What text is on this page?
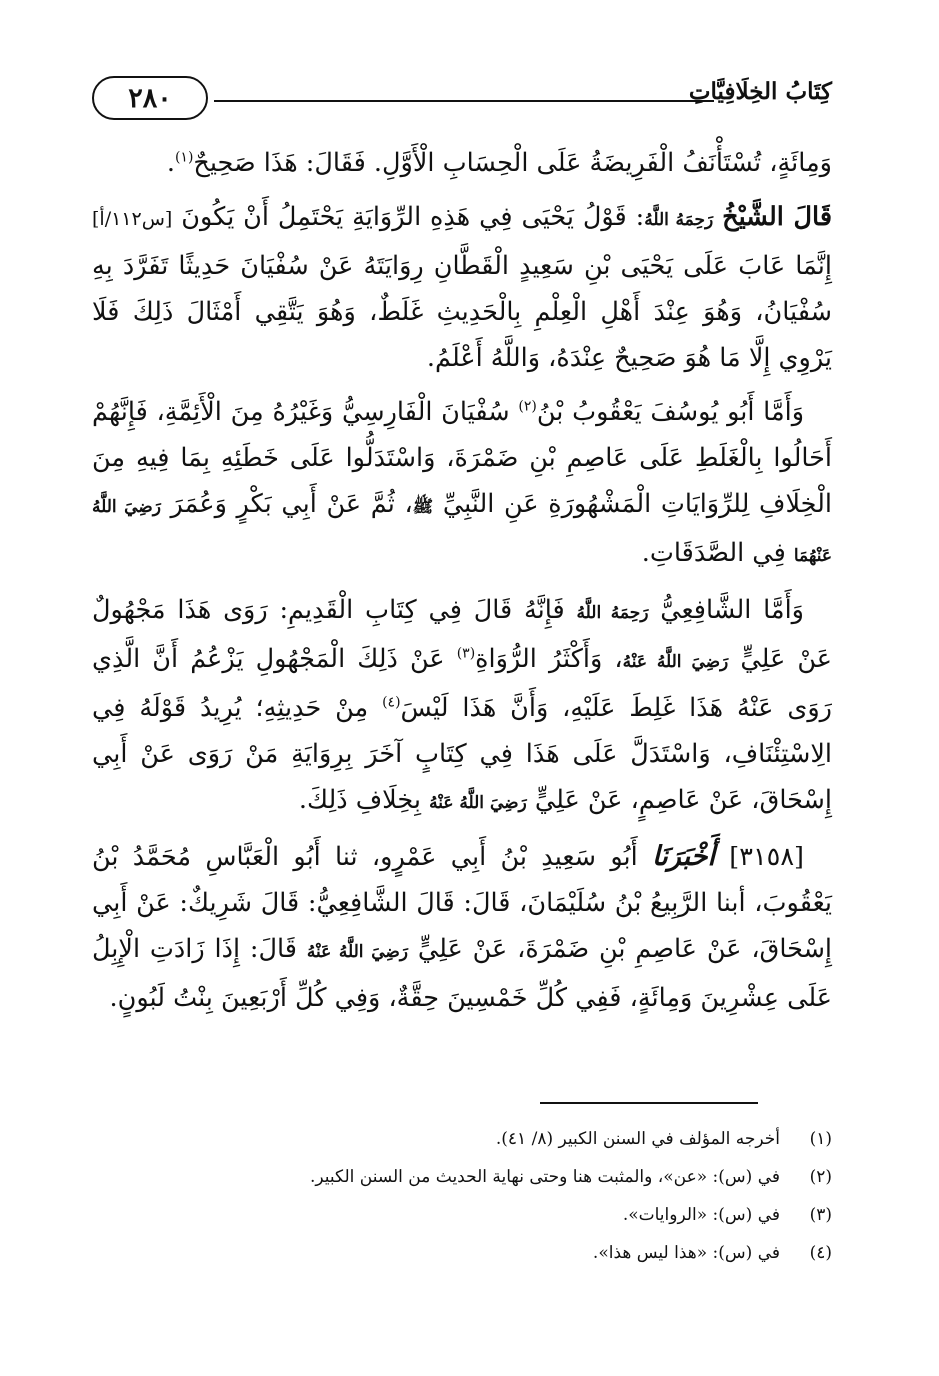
كِتَابُ الخِلَافِيَّاتِ
٢٨٠

وَمِائَةٍ، تُسْتَأْنَفُ الْفَرِيضَةُ عَلَى الْحِسَابِ الْأَوَّلِ. فَقَالَ: هَذَا صَحِيحٌ$^{(١)}$.

قَالَ الشَّيْخُ رَحِمَهُ اللَّهُ: قَوْلُ يَحْيَى فِي هَذِهِ الرِّوَايَةِ يَحْتَمِلُ أَنْ يَكُونَ [س١١٢/أ] إِنَّمَا عَابَ عَلَى يَحْيَى بْنِ سَعِيدٍ الْقَطَّانِ رِوَايَتَهُ عَنْ سُفْيَانَ حَدِيثًا تَفَرَّدَ بِهِ سُفْيَانُ، وَهُوَ عِنْدَ أَهْلِ الْعِلْمِ بِالْحَدِيثِ غَلَطٌ، وَهُوَ يَتَّقِي أَمْثَالَ ذَلِكَ فَلَا يَرْوِي إِلَّا مَا هُوَ صَحِيحٌ عِنْدَهُ، وَاللَّهُ أَعْلَمُ.

وَأَمَّا أَبُو يُوسُفَ يَعْقُوبُ بْنُ$^{(٢)}$ سُفْيَانَ الْفَارِسِيُّ وَغَيْرُهُ مِنَ الْأَئِمَّةِ، فَإِنَّهُمْ أَحَالُوا بِالْغَلَطِ عَلَى عَاصِمِ بْنِ ضَمْرَةَ، وَاسْتَدَلُّوا عَلَى خَطَئِهِ بِمَا فِيهِ مِنَ الْخِلَافِ لِلرِّوَايَاتِ الْمَشْهُورَةِ عَنِ النَّبِيِّ ﷺ، ثُمَّ عَنْ أَبِي بَكْرٍ وَعُمَرَ رَضِيَ اللَّهُ عَنْهُمَا فِي الصَّدَقَاتِ.

وَأَمَّا الشَّافِعِيُّ رَحِمَهُ اللَّهُ فَإِنَّهُ قَالَ فِي كِتَابِ الْقَدِيمِ: رَوَى هَذَا مَجْهُولٌ عَنْ عَلِيٍّ رَضِيَ اللَّهُ عَنْهُ، وَأَكْثَرُ الرُّوَاةِ$^{(٣)}$ عَنْ ذَلِكَ الْمَجْهُولِ يَزْعُمُ أَنَّ الَّذِي رَوَى عَنْهُ هَذَا غَلِطَ عَلَيْهِ، وَأَنَّ هَذَا لَيْسَ$^{(٤)}$ مِنْ حَدِيثِهِ؛ يُرِيدُ قَوْلَهُ فِي الِاسْتِئْنَافِ، وَاسْتَدَلَّ عَلَى هَذَا فِي كِتَابٍ آخَرَ بِرِوَايَةِ مَنْ رَوَى عَنْ أَبِي إِسْحَاقَ، عَنْ عَاصِمٍ، عَنْ عَلِيٍّ رَضِيَ اللَّهُ عَنْهُ بِخِلَافِ ذَلِكَ.

[٣١٥٨] أَخْبَرَنَا أَبُو سَعِيدِ بْنُ أَبِي عَمْرٍو، ثنا أَبُو الْعَبَّاسِ مُحَمَّدُ بْنُ يَعْقُوبَ، أبنا الرَّبِيعُ بْنُ سُلَيْمَانَ، قَالَ: قَالَ الشَّافِعِيُّ: قَالَ شَرِيكٌ: عَنْ أَبِي إِسْحَاقَ، عَنْ عَاصِمِ بْنِ ضَمْرَةَ، عَنْ عَلِيٍّ رَضِيَ اللَّهُ عَنْهُ قَالَ: إِذَا زَادَتِ الْإِبِلُ عَلَى عِشْرِينَ وَمِائَةٍ، فَفِي كُلِّ خَمْسِينَ حِقَّةٌ، وَفِي كُلِّ أَرْبَعِينَ بِنْتُ لَبُونٍ.

(١)أخرجه المؤلف في السنن الكبير (٨/ ٤١).
(٢)في (س): «عن»، والمثبت هنا وحتى نهاية الحديث من السنن الكبير.
(٣)في (س): «الروايات».
(٤)في (س): «هذا ليس هذا».
